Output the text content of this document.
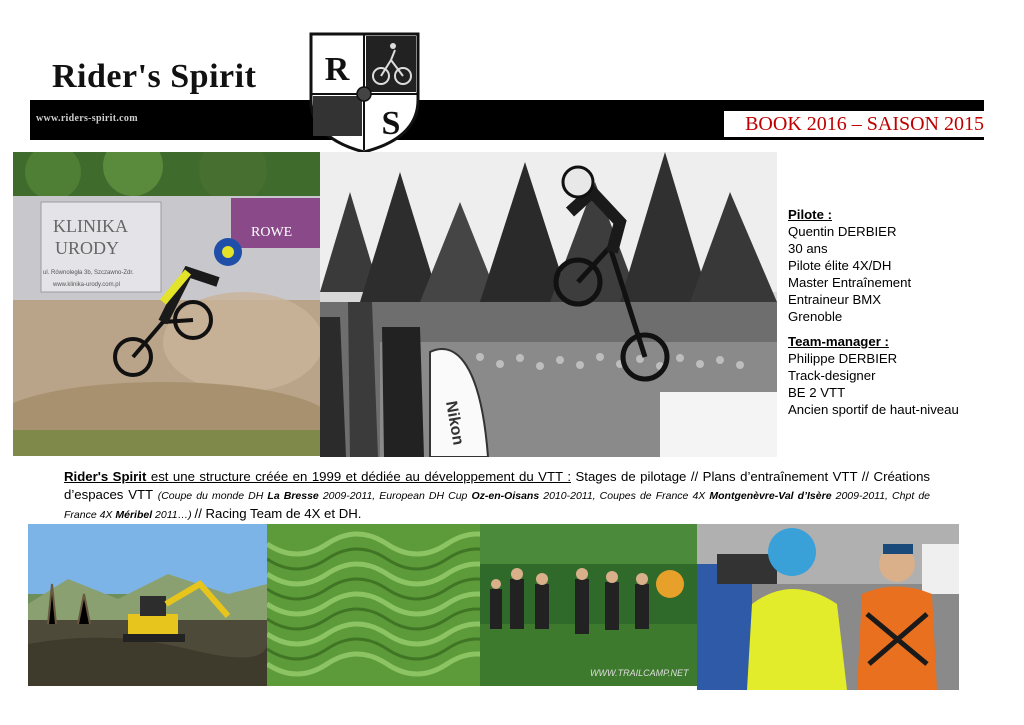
Rider's Spirit
www.riders-spirit.com	BOOK 2016 – SAISON 2015
R
S
KLINIKA
URODY
ul. Równoległa 3b, Szczawno-Zdr.
www.klinika-urody.com.pl
ROWE
Nikon
Pilote :
Quentin DERBIER
30 ans
Pilote élite 4X/DH
Master Entraînement
Entraineur BMX
Grenoble
Team-manager :
Philippe DERBIER
Track-designer
BE 2 VTT
Ancien sportif de haut-niveau
Rider's Spirit est une structure créée en 1999 et dédiée au développement du VTT : Stages de pilotage // Plans d’entraînement VTT // Créations d’espaces VTT (Coupe du monde DH La Bresse 2009-2011, European DH Cup Oz-en-Oisans 2010-2011, Coupes de France 4X Montgenèvre-Val d’Isère 2009-2011, Chpt de France 4X Méribel 2011…) // Racing Team de 4X et DH.
WWW.TRAILCAMP.NET
